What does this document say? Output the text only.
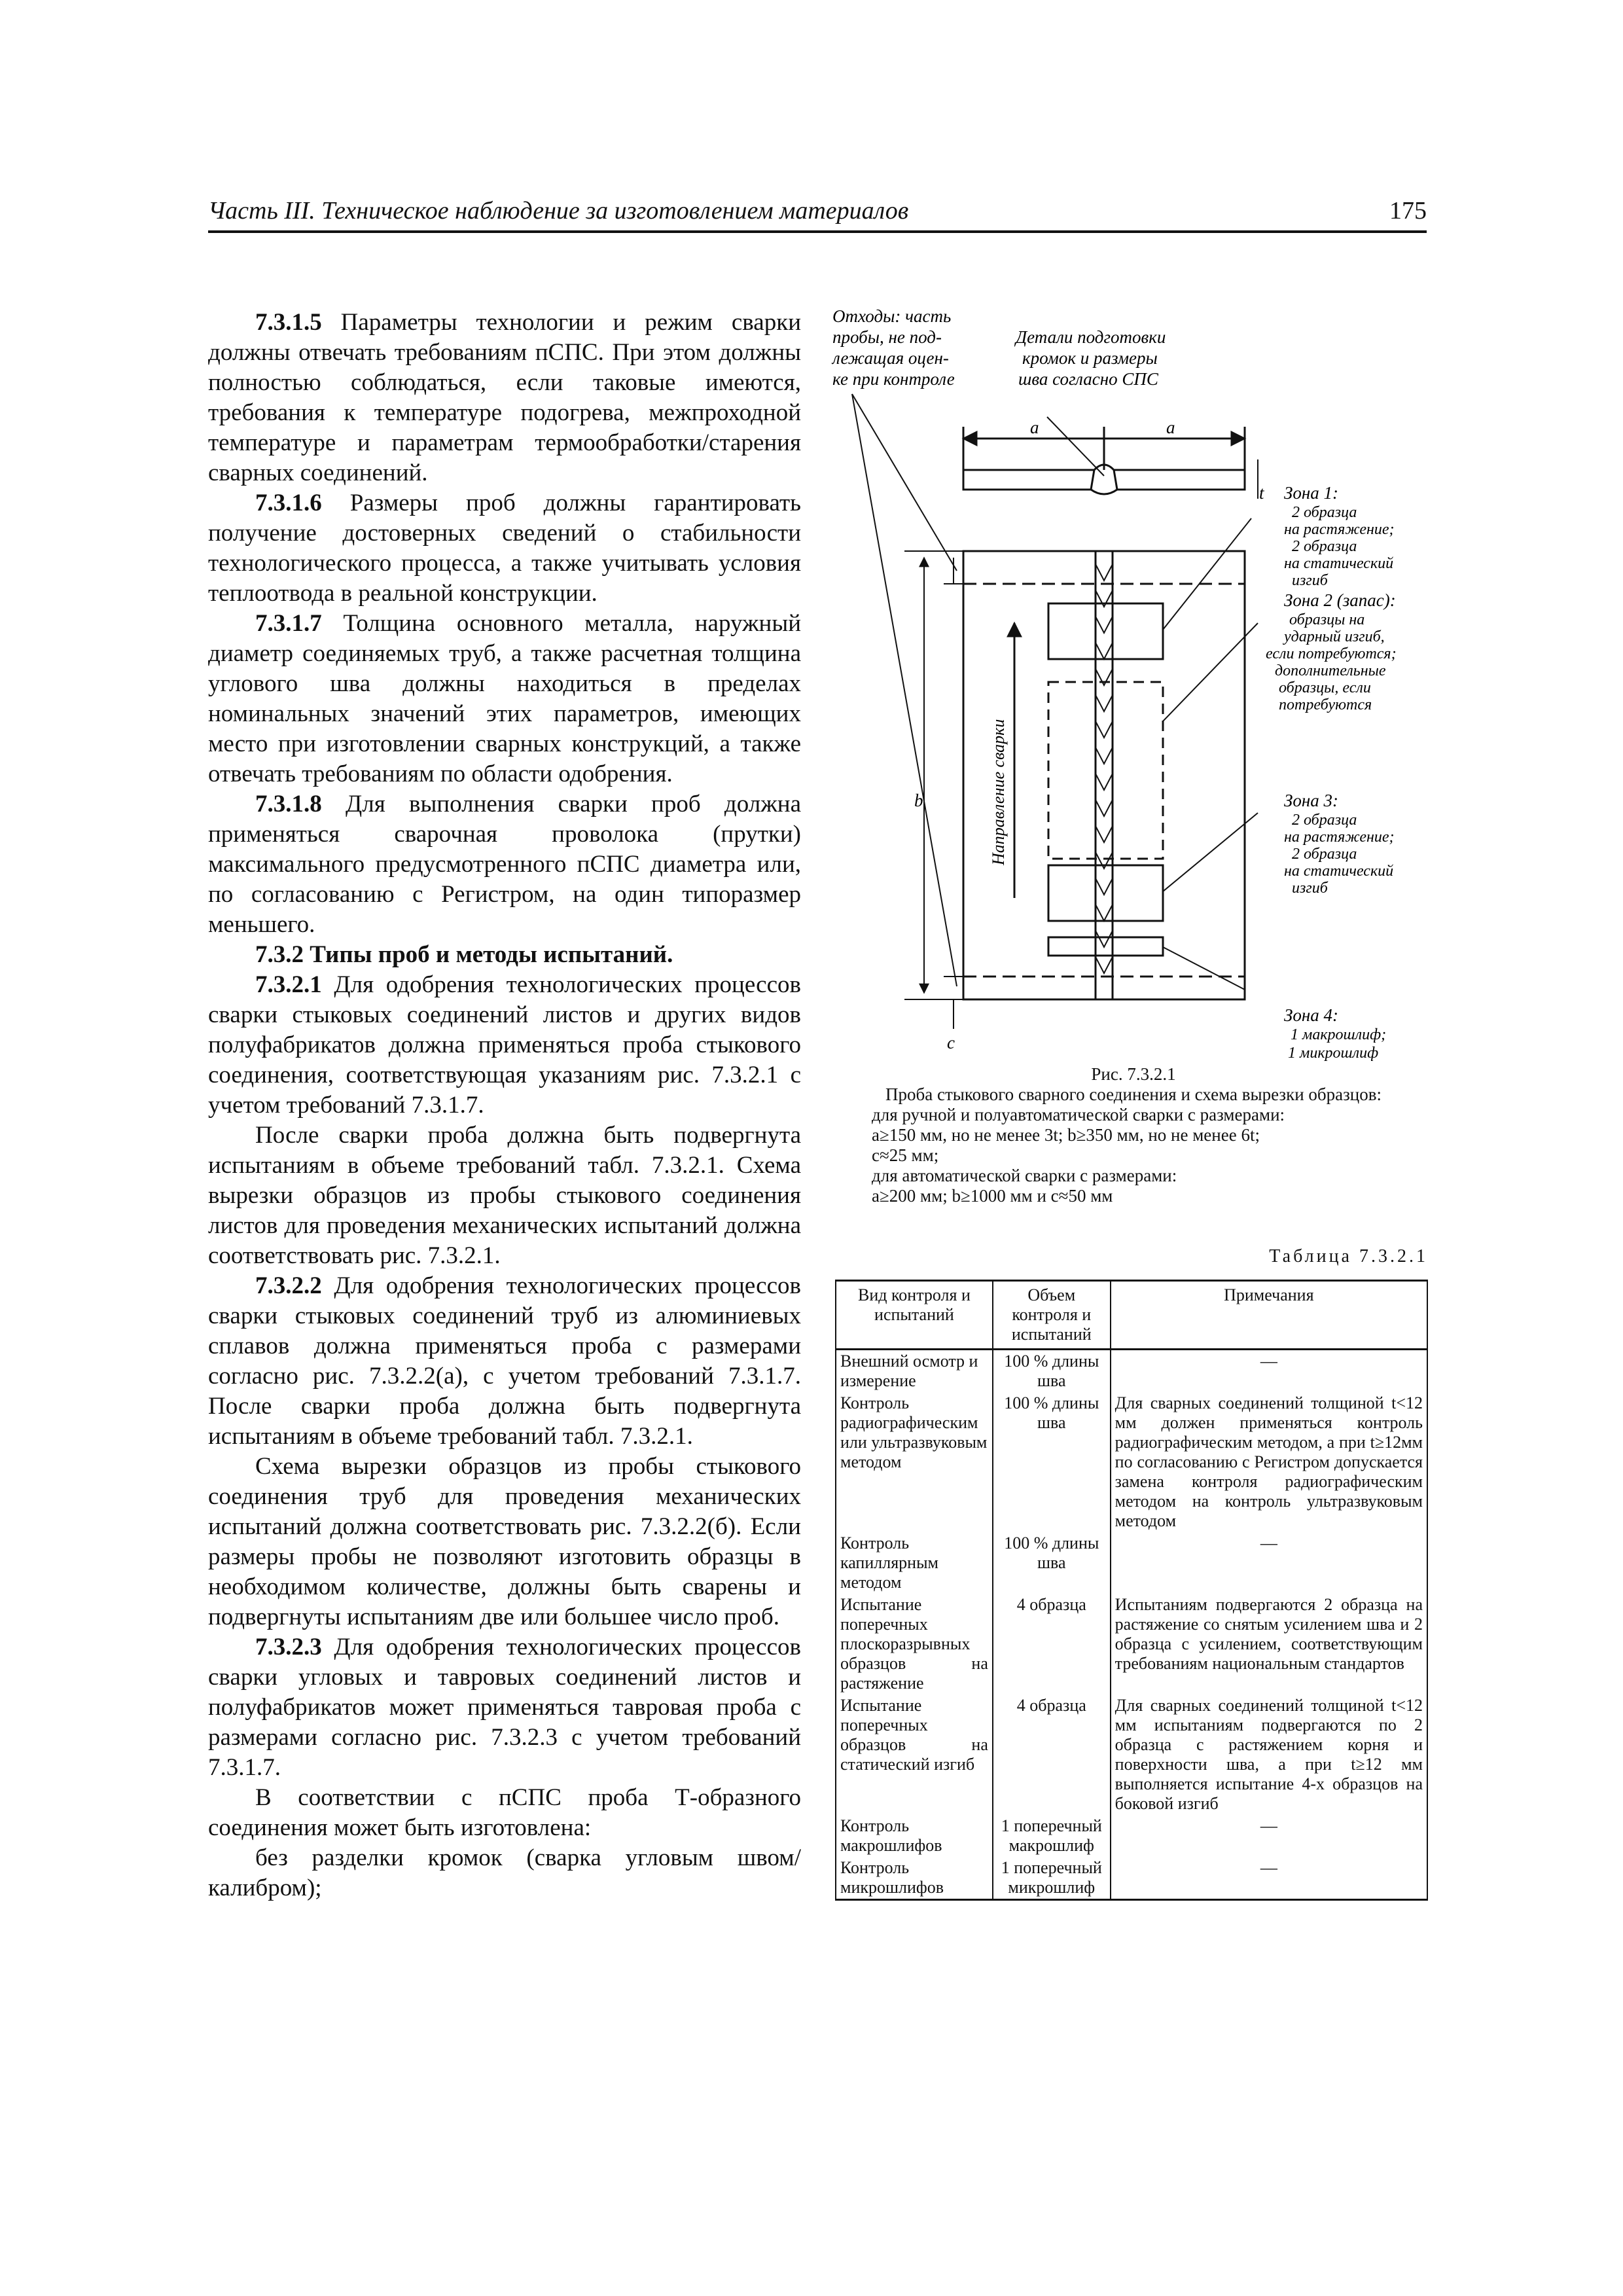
Часть III. Техническое наблюдение за изготовлением материалов	175

7.3.1.5 Параметры технологии и режим сварки должны отвечать требованиям пСПС. При этом должны полностью соблюдаться, если таковые имеются, требования к температуре подогрева, межпроходной температуре и параметрам термообработки/старения сварных соединений.

7.3.1.6 Размеры проб должны гарантировать получение достоверных сведений о стабильности технологического процесса, а также учитывать условия теплоотвода в реальной конструкции.

7.3.1.7 Толщина основного металла, наружный диаметр соединяемых труб, а также расчетная толщина углового шва должны находиться в пределах номинальных значений этих параметров, имеющих место при изготовлении сварных конструкций, а также отвечать требованиям по области одобрения.

7.3.1.8 Для выполнения сварки проб должна применяться сварочная проволока (прутки) максимального предусмотренного пСПС диаметра или, по согласованию с Регистром, на один типоразмер меньшего.

7.3.2 Типы проб и методы испытаний.

7.3.2.1 Для одобрения технологических процессов сварки стыковых соединений листов и других видов полуфабрикатов должна применяться проба стыкового соединения, соответствующая указаниям рис. 7.3.2.1 с учетом требований 7.3.1.7.

После сварки проба должна быть подвергнута испытаниям в объеме требований табл. 7.3.2.1. Схема вырезки образцов из пробы стыкового соединения листов для проведения механических испытаний должна соответствовать рис. 7.3.2.1.

7.3.2.2 Для одобрения технологических процессов сварки стыковых соединений труб из алюминиевых сплавов должна применяться проба с размерами согласно рис. 7.3.2.2(а), с учетом требований 7.3.1.7. После сварки проба должна быть подвергнута испытаниям в объеме требований табл. 7.3.2.1.

Схема вырезки образцов из пробы стыкового соединения труб для проведения механических испытаний должна соответствовать рис. 7.3.2.2(б). Если размеры пробы не позволяют изготовить образцы в необходимом количестве, должны быть сварены и подвергнуты испытаниям две или большее число проб.

7.3.2.3 Для одобрения технологических процессов сварки угловых и тавровых соединений листов и полуфабрикатов может применяться тавровая проба с размерами согласно рис. 7.3.2.3 с учетом требований 7.3.1.7.

В соответствии с пСПС проба Т-образного соединения может быть изготовлена:

без разделки кромок (сварка угловым швом/калибром);

Отходы: часть
пробы, не под-
лежащая оцен-
ке при контроле
Детали подготовки
кромок и размеры
шва согласно СПС
a	a
t
Направление сварки
b
c
Зона 1:
2 образца
на растяжение;
2 образца
на статический
изгиб
Зона 2 (запас):
образцы на
ударный изгиб,
если потребуются;
дополнительные
образцы, если
потребуются
Зона 3:
2 образца
на растяжение;
2 образца
на статический
изгиб
Зона 4:
1 макрошлиф;
1 микрошлиф
Рис. 7.3.2.1
Проба стыкового сварного соединения и схема вырезки образцов:
для ручной и полуавтоматической сварки с размерами:
a≥150 мм, но не менее 3t; b≥350 мм, но не менее 6t;
c≈25 мм;
для автоматической сварки с размерами:
a≥200 мм; b≥1000 мм и c≈50 мм
Таблица 7.3.2.1
Вид контроля и испытаний	Объем контроля и испытаний	Примечания
Внешний осмотр и измерение	100 % длины шва	—
Контроль радиографическим или ультразвуковым методом	100 % длины шва	Для сварных соединений толщиной t<12 мм должен применяться контроль радиографическим методом, а при t≥12мм по согласованию с Регистром допускается замена контроля радиографическим методом на контроль ультразвуковым методом
Контроль капиллярным методом	100 % длины шва	—
Испытание поперечных плоскоразрывных образцов на растяжение	4 образца	Испытаниям подвергаются 2 образца на растяжение со снятым усилением шва и 2 образца с усилением, соответствующим требованиям национальным стандартов
Испытание поперечных образцов на статический изгиб	4 образца	Для сварных соединений толщиной t<12 мм испытаниям подвергаются по 2 образца с растяжением корня и поверхности шва, а при t≥12 мм выполняется испытание 4-х образцов на боковой изгиб
Контроль макрошлифов	1 поперечный макрошлиф	—
Контроль микрошлифов	1 поперечный микрошлиф	—
